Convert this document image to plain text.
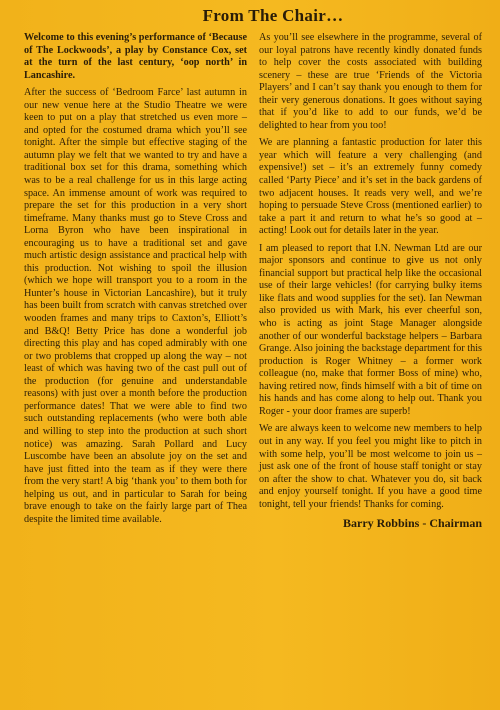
From The Chair…

Welcome to this evening’s performance of ‘Because of The Lockwoods’, a play by Constance Cox, set at the turn of the last century, ‘oop north’ in Lancashire.

After the success of ‘Bedroom Farce’ last autumn in our new venue here at the Studio Theatre we were keen to put on a play that stretched us even more – and opted for the costumed drama which you’ll see tonight. After the simple but effective staging of the autumn play we felt that we wanted to try and have a traditional box set for this drama, something which was to be a real challenge for us in this large acting space. An immense amount of work was required to prepare the set for this production in a very short timeframe. Many thanks must go to Steve Cross and Lorna Byron who have been inspirational in encouraging us to have a traditional set and gave much artistic design assistance and practical help with this production. Not wishing to spoil the illusion (which we hope will transport you to a room in the Hunter’s house in Victorian Lancashire), but it truly has been built from scratch with canvas stretched over wooden frames and many trips to Caxton’s, Elliott’s and B&Q! Betty Price has done a wonderful job directing this play and has coped admirably with one or two problems that cropped up along the way – not least of which was having two of the cast pull out of the production (for genuine and understandable reasons) with just over a month before the production performance dates! That we were able to find two such outstanding replacements (who were both able and willing to step into the production at such short notice) was amazing. Sarah Pollard and Lucy Luscombe have been an absolute joy on the set and have just fitted into the team as if they were there from the very start! A big ‘thank you’ to them both for helping us out, and in particular to Sarah for being brave enough to take on the fairly large part of Thea despite the limited time available.

As you’ll see elsewhere in the programme, several of our loyal patrons have recently kindly donated funds to help cover the costs associated with building scenery – these are true ‘Friends of the Victoria Players’ and I can’t say thank you enough to them for their very generous donations. It goes without saying that if you’d like to add to our funds, we’d be delighted to hear from you too!

We are planning a fantastic production for later this year which will feature a very challenging (and expensive!) set – it’s an extremely funny comedy called ‘Party Piece’ and it’s set in the back gardens of two adjacent houses. It reads very well, and we’re hoping to persuade Steve Cross (mentioned earlier) to take a part it and return to what he’s so good at – acting! Look out for details later in the year.

I am pleased to report that I.N. Newman Ltd are our major sponsors and continue to give us not only financial support but practical help like the occasional use of their large vehicles! (for carrying bulky items like flats and wood supplies for the set). Ian Newman also provided us with Mark, his ever cheerful son, who is acting as joint Stage Manager alongside another of our wonderful backstage helpers – Barbara Grange. Also joining the backstage department for this production is Roger Whitney – a former work colleague (no, make that former Boss of mine) who, having retired now, finds himself with a bit of time on his hands and has come along to help out. Thank you Roger - your door frames are superb!

We are always keen to welcome new members to help out in any way. If you feel you might like to pitch in with some help, you’ll be most welcome to join us – just ask one of the front of house staff tonight or stay on after the show to chat. Whatever you do, sit back and enjoy yourself tonight. If you have a good time tonight, tell your friends! Thanks for coming.

Barry Robbins - Chairman
